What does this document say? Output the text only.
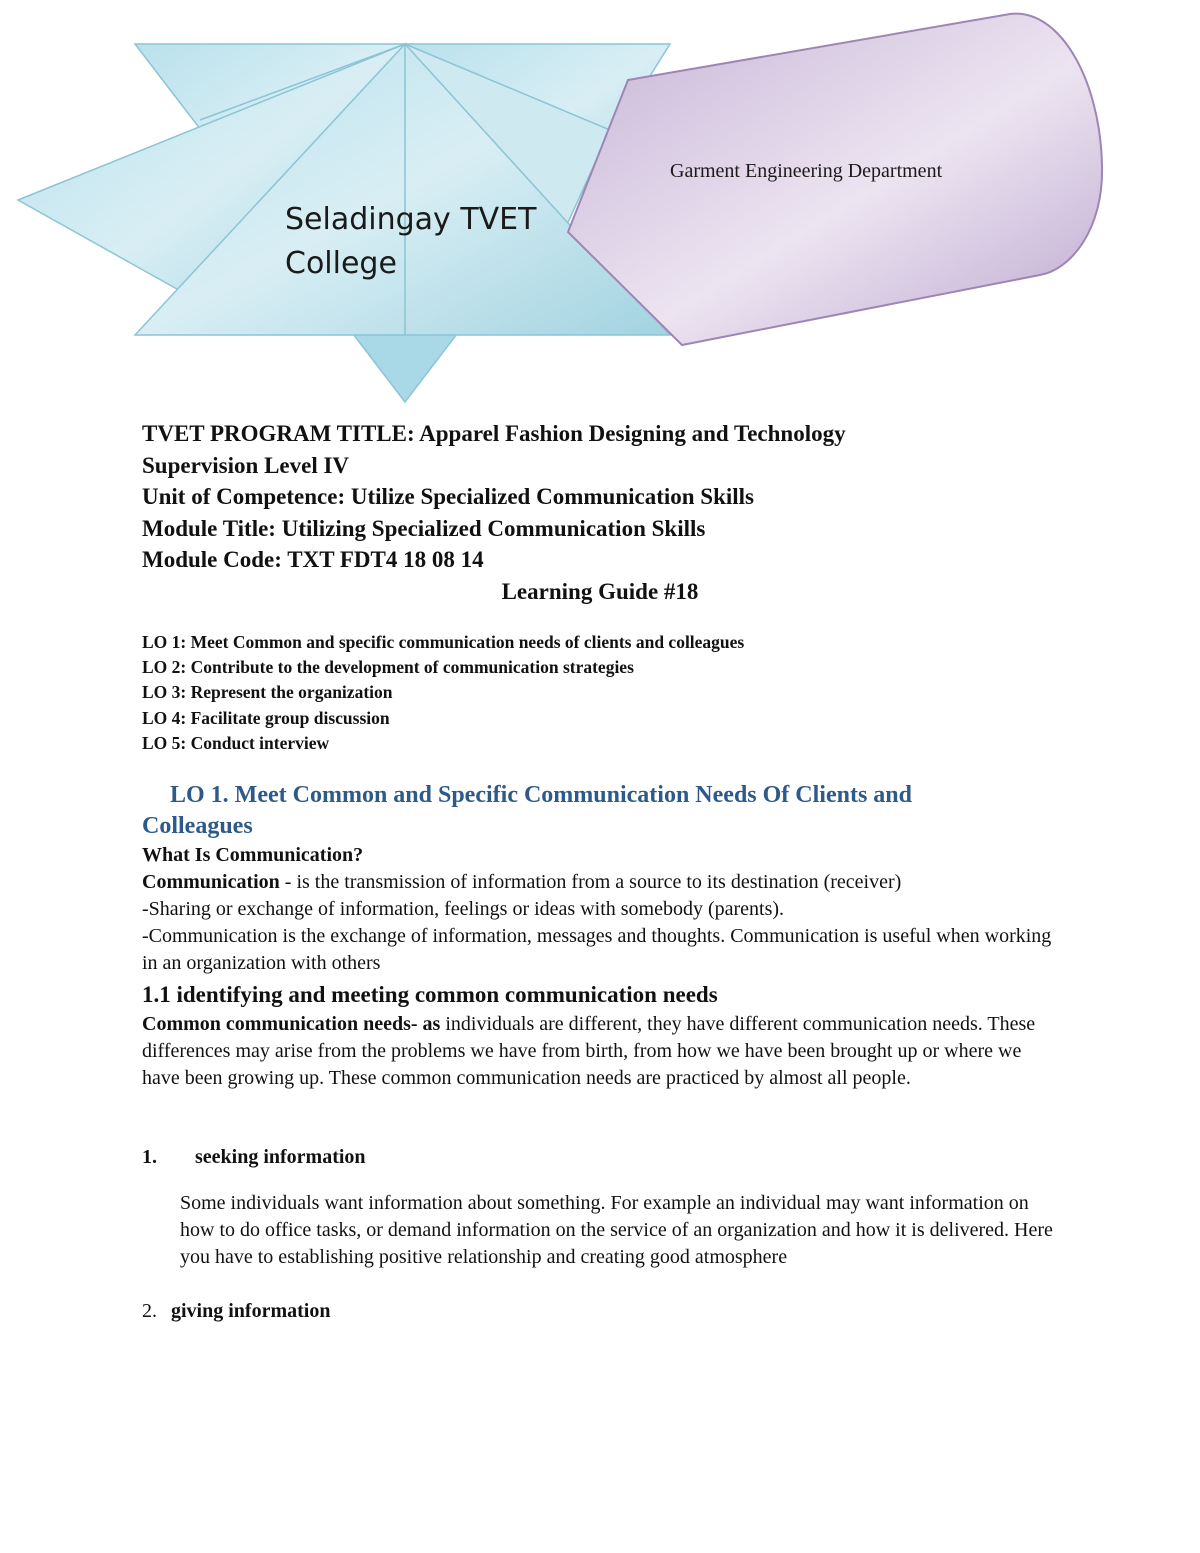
Seladingay TVET College
Garment Engineering Department
TVET PROGRAM TITLE: Apparel Fashion Designing and Technology
Supervision Level IV
Unit of Competence: Utilize Specialized Communication Skills
Module Title: Utilizing Specialized Communication Skills
Module Code: TXT FDT4 18 08 14
Learning Guide #18
LO 1: Meet Common and specific communication needs of clients and colleagues
LO 2: Contribute to the development of communication strategies
LO 3: Represent the organization
LO 4: Facilitate group discussion
LO 5: Conduct interview
LO 1. Meet Common and Specific Communication Needs Of Clients and
Colleagues
What Is Communication?
Communication - is the transmission of information from a source to its destination (receiver)
-Sharing or exchange of information, feelings or ideas with somebody (parents).
-Communication is the exchange of information, messages and thoughts. Communication is useful when working in an organization with others
1.1 identifying and meeting common communication needs
Common communication needs- as individuals are different, they have different communication needs. These differences may arise from the problems we have from birth, from how we have been brought up or where we have been growing up. These common communication needs are practiced by almost all people.
1. seeking information
Some individuals want information about something. For example an individual may want information on how to do office tasks, or demand information on the service of an organization and how it is delivered. Here you have to establishing positive relationship and creating good atmosphere
2. giving information
